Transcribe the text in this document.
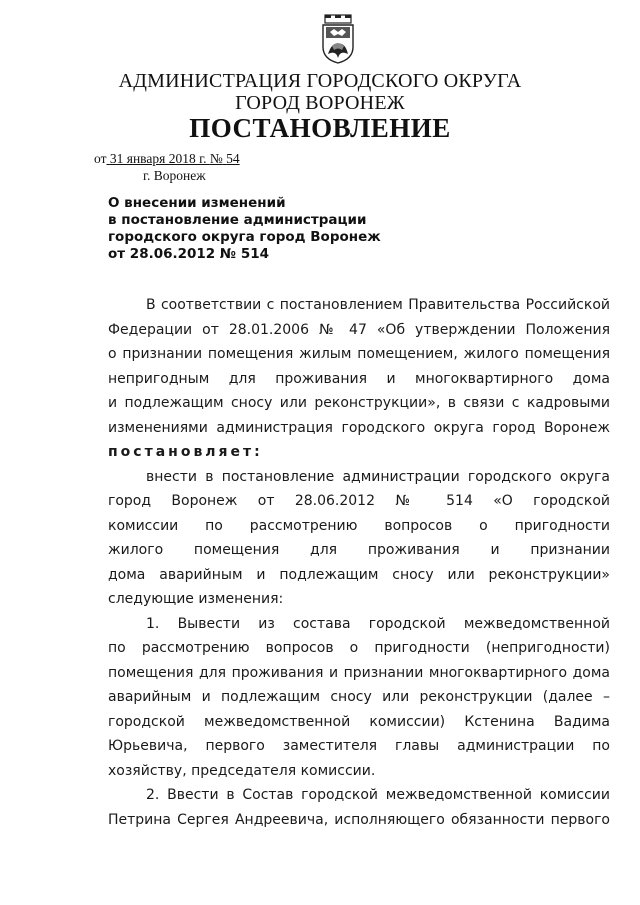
АДМИНИСТРАЦИЯ ГОРОДСКОГО ОКРУГА
ГОРОД ВОРОНЕЖ
ПОСТАНОВЛЕНИЕ
от 31 января 2018 г. № 54
г. Воронеж
О внесении изменений
в постановление администрации
городского округа город Воронеж
от 28.06.2012 № 514
В соответствии с постановлением Правительства Российской
Федерации от 28.01.2006 № 47 «Об утверждении Положения
о признании помещения жилым помещением, жилого помещения
непригодным для проживания и многоквартирного дома
и подлежащим сносу или реконструкции», в связи с кадровыми
изменениями администрация городского округа город Воронеж
постановляет:
внести в постановление администрации городского округа
город Воронеж от 28.06.2012 № 514 «О городской
комиссии по рассмотрению вопросов о пригодности
жилого помещения для проживания и признании
дома аварийным и подлежащим сносу или реконструкции»
следующие изменения:
1. Вывести из состава городской межведомственной
по рассмотрению вопросов о пригодности (непригодности)
помещения для проживания и признании многоквартирного дома
аварийным и подлежащим сносу или реконструкции (далее –
городской межведомственной комиссии) Кстенина Вадима
Юрьевича, первого заместителя главы администрации по
хозяйству, председателя комиссии.
2. Ввести в Состав городской межведомственной комиссии
Петрина Сергея Андреевича, исполняющего обязанности первого
